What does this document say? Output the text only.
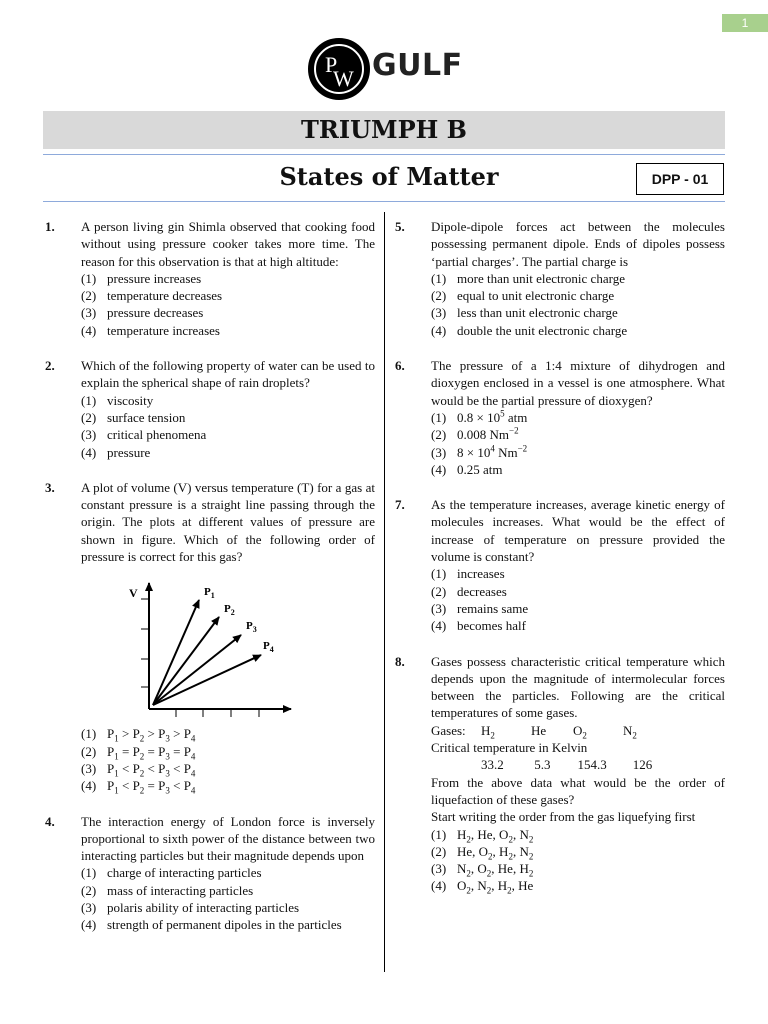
1
P
W GULF
TRIUMPH B
States of Matter	DPP - 01
1. A person living gin Shimla observed that cooking food without using pressure cooker takes more time. The reason for this observation is that at high altitude:
(1) pressure increases
(2) temperature decreases
(3) pressure decreases
(4) temperature increases
2. Which of the following property of water can be used to explain the spherical shape of rain droplets?
(1) viscosity
(2) surface tension
(3) critical phenomena
(4) pressure
3. A plot of volume (V) versus temperature (T) for a gas at constant pressure is a straight line passing through the origin. The plots at different values of pressure are shown in figure. Which of the following order of pressure is correct for this gas?
V	$P_1$
$P_2$
$P_3$
$P_4$
(1) $P_1 > P_2 > P_3 > P_4$
(2) $P_1 = P_2 = P_3 = P_4$
(3) $P_1 < P_2 < P_3 < P_4$
(4) $P_1 < P_2 = P_3 < P_4$
4. The interaction energy of London force is inversely proportional to sixth power of the distance between two interacting particles but their magnitude depends upon
(1) charge of interacting particles
(2) mass of interacting particles
(3) polaris ability of interacting particles
(4) strength of permanent dipoles in the particles
5. Dipole-dipole forces act between the molecules possessing permanent dipole. Ends of dipoles possess ‘partial charges’. The partial charge is
(1) more than unit electronic charge
(2) equal to unit electronic charge
(3) less than unit electronic charge
(4) double the unit electronic charge
6. The pressure of a 1:4 mixture of dihydrogen and dioxygen enclosed in a vessel is one atmosphere. What would be the partial pressure of dioxygen?
(1) $0.8 \times 10^5$ atm
(2) 0.008 $Nm^{-2}$
(3) $8 \times 10^4$ $Nm^{-2}$
(4) 0.25 atm
7. As the temperature increases, average kinetic energy of molecules increases. What would be the effect of increase of temperature on pressure provided the volume is constant?
(1) increases
(2) decreases
(3) remains same
(4) becomes half
8. Gases possess characteristic critical temperature which depends upon the magnitude of intermolecular forces between the particles. Following are the critical temperatures of some gases.
Gases:	$H_2$	He	$O_2$	$N_2$
Critical temperature in Kelvin
33.2 5.3 154.3 126
From the above data what would be the order of liquefaction of these gases?
Start writing the order from the gas liquefying first
(1) $H_2$, He, $O_2$, $N_2$
(2) He, $O_2$, $H_2$, $N_2$
(3) $N_2$, $O_2$, He, $H_2$
(4) $O_2$, $N_2$, $H_2$, He
